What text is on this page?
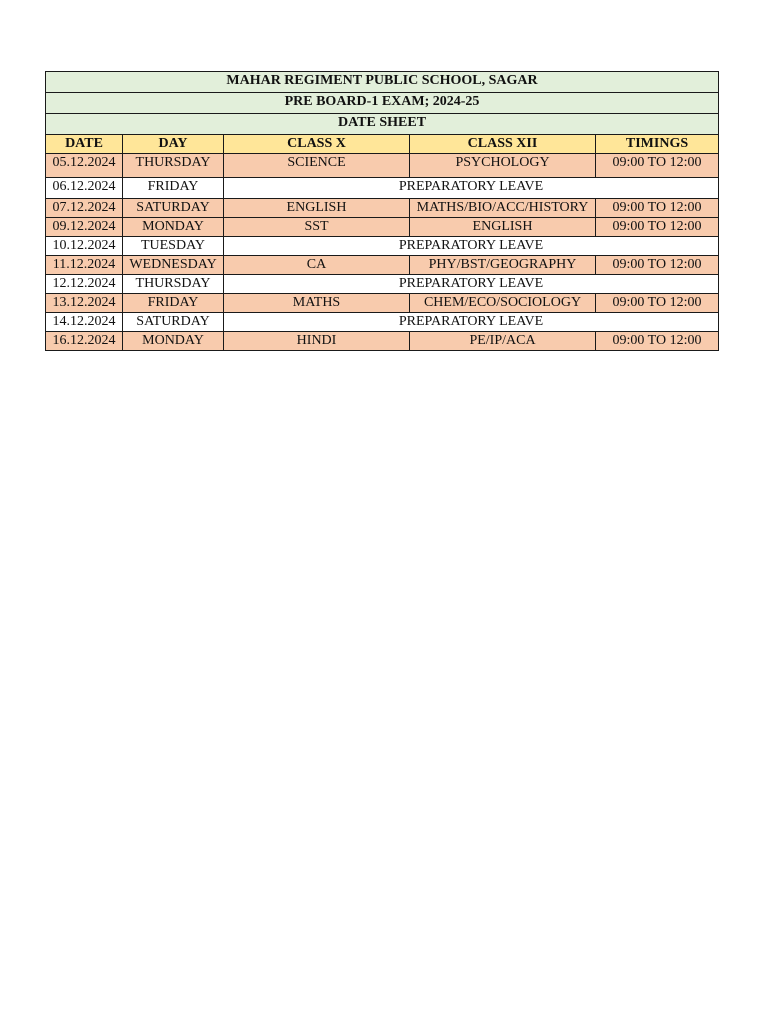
MAHAR REGIMENT PUBLIC SCHOOL, SAGAR				
PRE BOARD-1 EXAM; 2024-25				
DATE SHEET				
DATE	DAY	CLASS X	CLASS XII	TIMINGS
05.12.2024	THURSDAY	SCIENCE	PSYCHOLOGY	09:00 TO 12:00
06.12.2024	FRIDAY	PREPARATORY LEAVE		
07.12.2024	SATURDAY	ENGLISH	MATHS/BIO/ACC/HISTORY	09:00 TO 12:00
09.12.2024	MONDAY	SST	ENGLISH	09:00 TO 12:00
10.12.2024	TUESDAY	PREPARATORY LEAVE		
11.12.2024	WEDNESDAY	CA	PHY/BST/GEOGRAPHY	09:00 TO 12:00
12.12.2024	THURSDAY	PREPARATORY LEAVE		
13.12.2024	FRIDAY	MATHS	CHEM/ECO/SOCIOLOGY	09:00 TO 12:00
14.12.2024	SATURDAY	PREPARATORY LEAVE		
16.12.2024	MONDAY	HINDI	PE/IP/ACA	09:00 TO 12:00
